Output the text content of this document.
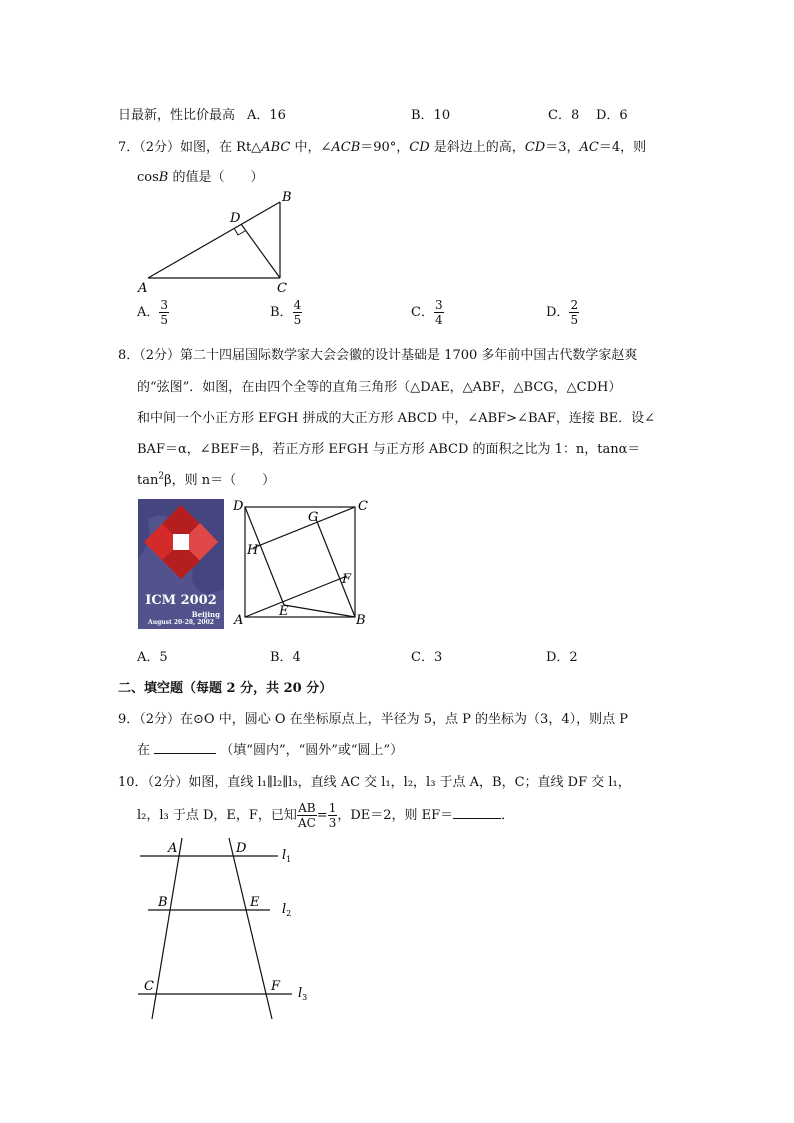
日最新，性比价最高 A．16	B．10	C．8 D．6
7．（2分）如图，在 Rt△ABC 中，∠ACB＝90°，CD 是斜边上的高，CD＝3，AC＝4，则
cosB 的值是（　　）
A
B
C
D
A． $\frac{3}{5}$	B． $\frac{4}{5}$	C． $\frac{3}{4}$	D． $\frac{2}{5}$
8．（2分）第二十四届国际数学家大会会徽的设计基础是 1700 多年前中国古代数学家赵爽
的“弦图”．如图，在由四个全等的直角三角形（△DAE，△ABF，△BCG，△CDH）
和中间一个小正方形 EFGH 拼成的大正方形 ABCD 中，∠ABF>∠BAF，连接 BE．设∠
BAF＝α，∠BEF＝β，若正方形 EFGH 与正方形 ABCD 的面积之比为 1：n，tanα＝
$\tan^2\beta$，则 n＝（　　）
ICM 2002
Beijing
August 20-28, 2002
D	C
A	B
G
H
F
E
A．5	B．4	C．3	D．2
二、填空题（每题 2 分，共 20 分）
9．（2分）在⊙O 中，圆心 O 在坐标原点上，半径为 5，点 P 的坐标为（3，4），则点 P
在	（填“圆内”，“圆外”或“圆上”）
10．（2分）如图，直线 l₁∥l₂∥l₃，直线 AC 交 l₁，l₂，l₃ 于点 A，B，C；直线 DF 交 l₁，
l₂，l₃ 于点 D，E，F，已知 $\frac{AB}{AC} = \frac{1}{3}$ ，DE＝2，则 EF＝	．
A	D
B	E
C	F
$l_1$
$l_2$
$l_3$
